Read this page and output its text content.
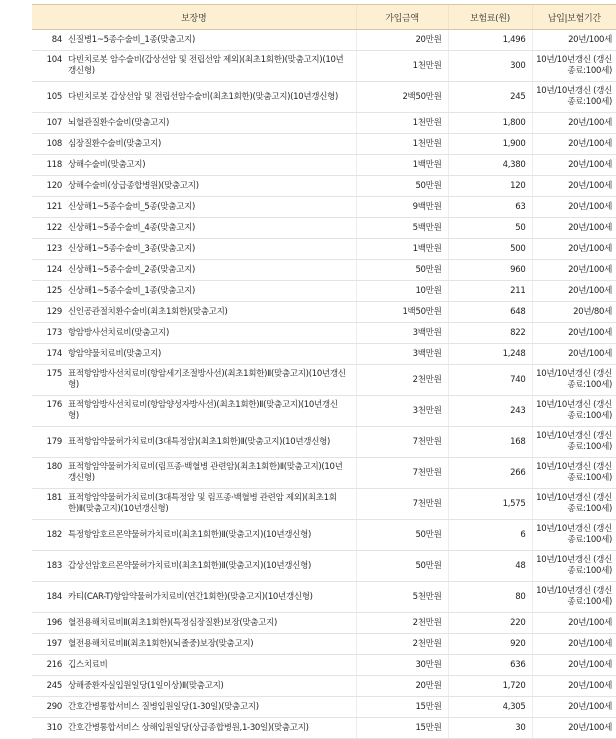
보장명	가입금액	보험료(원)	납입|보험기간

84 신질병1~5종수술비_1종(맞춤고지)	20만원	1,496	20년/100세

104 다빈치로봇 암수술비(갑상선암 및 전립선암 제외)(최초1회한)(맞춤고지)(10년갱신형)	1천만원	300	10년/10년갱신 (갱신종료:100세)

105 다빈치로봇 갑상선암 및 전립선암수술비(최초1회한)(맞춤고지)(10년갱신형)	2백50만원	245	10년/10년갱신 (갱신종료:100세)

107 뇌혈관질환수술비(맞춤고지)	1천만원	1,800	20년/100세

108 심장질환수술비(맞춤고지)	1천만원	1,900	20년/100세

118 상해수술비(맞춤고지)	1백만원	4,380	20년/100세

120 상해수술비(상급종합병원)(맞춤고지)	50만원	120	20년/100세

121 신상해1~5종수술비_5종(맞춤고지)	9백만원	63	20년/100세

122 신상해1~5종수술비_4종(맞춤고지)	5백만원	50	20년/100세

123 신상해1~5종수술비_3종(맞춤고지)	1백만원	500	20년/100세

124 신상해1~5종수술비_2종(맞춤고지)	50만원	960	20년/100세

125 신상해1~5종수술비_1종(맞춤고지)	10만원	211	20년/100세

129 신인공관절치환수술비(최초1회한)(맞춤고지)	1백50만원	648	20년/80세

173 항암방사선치료비(맞춤고지)	3백만원	822	20년/100세

174 항암약물치료비(맞춤고지)	3백만원	1,248	20년/100세

175 표적항암방사선치료비(항암세기조절방사선)(최초1회한)Ⅱ(맞춤고지)(10년갱신형)	2천만원	740	10년/10년갱신 (갱신종료:100세)

176 표적항암방사선치료비(항암양성자방사선)(최초1회한)Ⅱ(맞춤고지)(10년갱신형)	3천만원	243	10년/10년갱신 (갱신종료:100세)

179 표적항암약물허가치료비(3대특정암)(최초1회한)Ⅱ(맞춤고지)(10년갱신형)	7천만원	168	10년/10년갱신 (갱신종료:100세)

180 표적항암약물허가치료비(림프종·백혈병 관련암)(최초1회한)Ⅱ(맞춤고지)(10년갱신형)	7천만원	266	10년/10년갱신 (갱신종료:100세)

181 표적항암약물허가치료비(3대특정암 및 림프종·백혈병 관련암 제외)(최초1회한)Ⅱ(맞춤고지)(10년갱신형)	7천만원	1,575	10년/10년갱신 (갱신종료:100세)

182 특정항암호르몬약물허가치료비(최초1회한)Ⅱ(맞춤고지)(10년갱신형)	50만원	6	10년/10년갱신 (갱신종료:100세)

183 갑상선암호르몬약물허가치료비(최초1회한)Ⅱ(맞춤고지)(10년갱신형)	50만원	48	10년/10년갱신 (갱신종료:100세)

184 카티(CAR-T)항암약물허가치료비(연간1회한)(맞춤고지)(10년갱신형)	5천만원	80	10년/10년갱신 (갱신종료:100세)

196 혈전용해치료비Ⅱ(최초1회한)(특정심장질환)보장(맞춤고지)	2천만원	220	20년/100세

197 혈전용해치료비Ⅱ(최초1회한)(뇌졸중)보장(맞춤고지)	2천만원	920	20년/100세

216 깁스치료비	30만원	636	20년/100세

245 상해중환자실입원일당(1일이상)Ⅱ(맞춤고지)	20만원	1,720	20년/100세

290 간호간병통합서비스 질병입원일당(1-30일)(맞춤고지)	15만원	4,305	20년/100세

310 간호간병통합서비스 상해입원일당(상급종합병원,1-30일)(맞춤고지)	15만원	30	20년/100세
